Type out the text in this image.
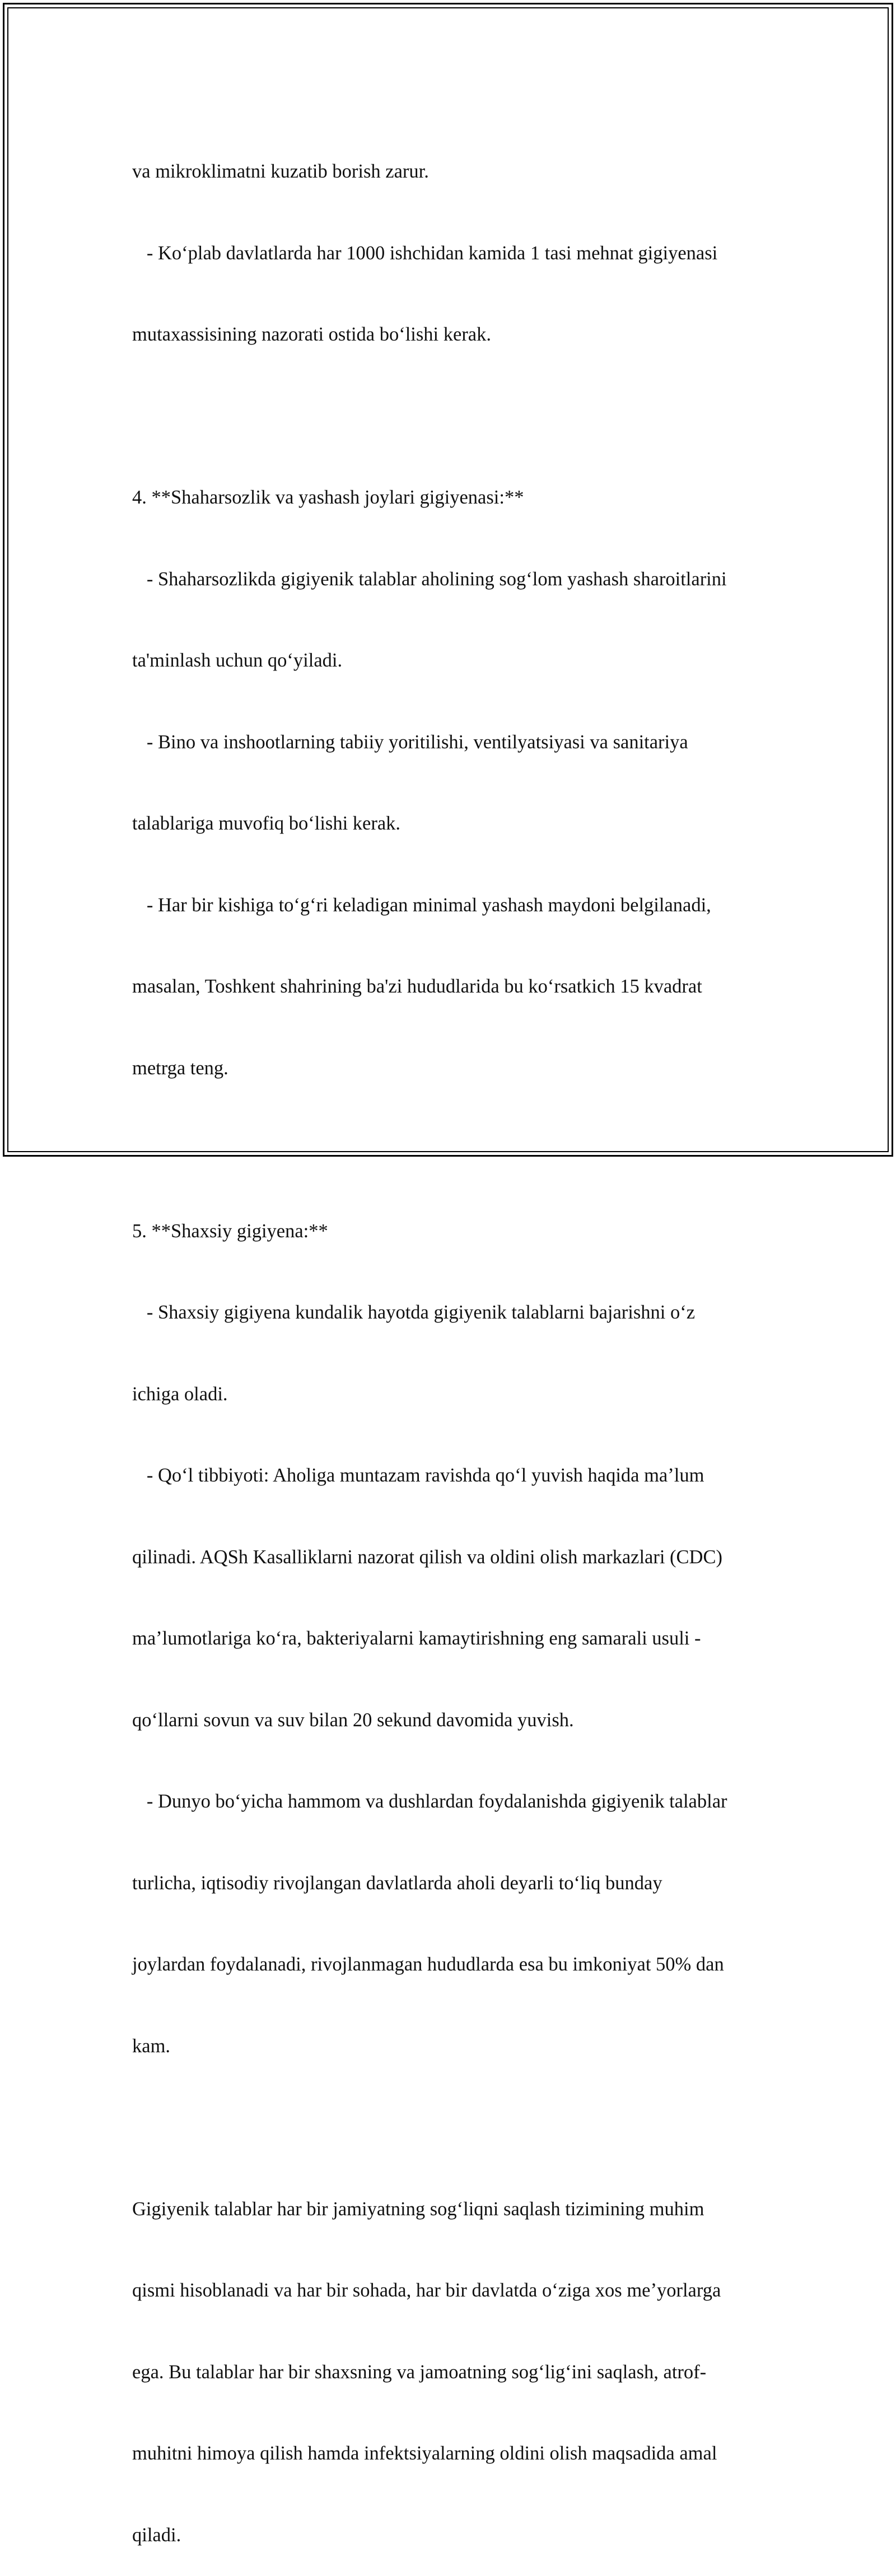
va mikroklimatni kuzatib borish zarur.

- Koʻplab davlatlarda har 1000 ishchidan kamida 1 tasi mehnat gigiyenasi

mutaxassisining nazorati ostida boʻlishi kerak.

4. **Shaharsozlik va yashash joylari gigiyenasi:**

- Shaharsozlikda gigiyenik talablar aholining sogʻlom yashash sharoitlarini

ta'minlash uchun qoʻyiladi.

- Bino va inshootlarning tabiiy yoritilishi, ventilyatsiyasi va sanitariya

talablariga muvofiq boʻlishi kerak.

- Har bir kishiga toʻgʻri keladigan minimal yashash maydoni belgilanadi,

masalan, Toshkent shahrining ba'zi hududlarida bu koʻrsatkich 15 kvadrat

metrga teng.

5. **Shaxsiy gigiyena:**

- Shaxsiy gigiyena kundalik hayotda gigiyenik talablarni bajarishni oʻz

ichiga oladi.

- Qoʻl tibbiyoti: Aholiga muntazam ravishda qoʻl yuvish haqida maʼlum

qilinadi. AQSh Kasalliklarni nazorat qilish va oldini olish markazlari (CDC)

maʼlumotlariga koʻra, bakteriyalarni kamaytirishning eng samarali usuli -

qoʻllarni sovun va suv bilan 20 sekund davomida yuvish.

- Dunyo boʻyicha hammom va dushlardan foydalanishda gigiyenik talablar

turlicha, iqtisodiy rivojlangan davlatlarda aholi deyarli toʻliq bunday

joylardan foydalanadi, rivojlanmagan hududlarda esa bu imkoniyat 50% dan

kam.

Gigiyenik talablar har bir jamiyatning sogʻliqni saqlash tizimining muhim

qismi hisoblanadi va har bir sohada, har bir davlatda oʻziga xos meʼyorlarga

ega. Bu talablar har bir shaxsning va jamoatning sogʻligʻini saqlash, atrof-

muhitni himoya qilish hamda infektsiyalarning oldini olish maqsadida amal

qiladi.
